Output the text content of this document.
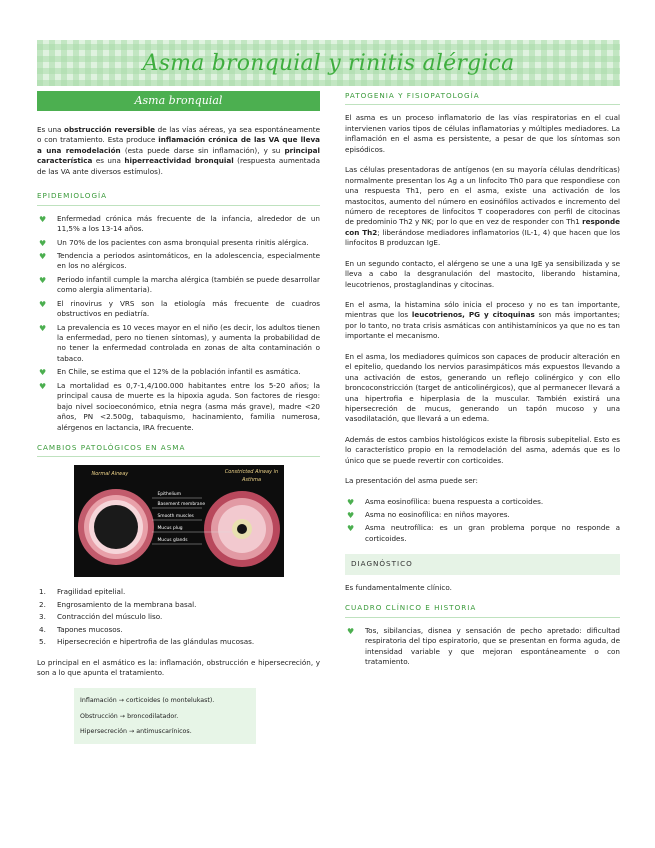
Asma bronquial y rinitis alérgica
Asma bronquial

Es una obstrucción reversible de las vías aéreas, ya sea espontáneamente o con tratamiento. Esta produce inflamación crónica de las VA que lleva a una remodelación (esta puede darse sin inflamación), y su principal característica es una hiperreactividad bronquial (respuesta aumentada de las VA ante diversos estímulos).

EPIDEMIOLOGÍA
♥ Enfermedad crónica más frecuente de la infancia, alrededor de un 11,5% a los 13-14 años.
♥ Un 70% de los pacientes con asma bronquial presenta rinitis alérgica.
♥ Tendencia a periodos asintomáticos, en la adolescencia, especialmente en los no alérgicos.
♥ Periodo infantil cumple la marcha alérgica (también se puede desarrollar como alergia alimentaria).
♥ El rinovirus y VRS son la etiología más frecuente de cuadros obstructivos en pediatría.
♥ La prevalencia es 10 veces mayor en el niño (es decir, los adultos tienen la enfermedad, pero no tienen síntomas), y aumenta la probabilidad de no tener la enfermedad controlada en zonas de alta contaminación o tabaco.
♥ En Chile, se estima que el 12% de la población infantil es asmática.
♥ La mortalidad es 0,7-1,4/100.000 habitantes entre los 5-20 años; la principal causa de muerte es la hipoxia aguda. Son factores de riesgo: bajo nivel socioeconómico, etnia negra (asma más grave), madre <20 años, PN <2.500g, tabaquismo, hacinamiento, familia numerosa, alérgenos en lactancia, IRA frecuente.
CAMBIOS PATOLÓGICOS EN ASMA
Normal Airway	Constricted Airway in Asthma
Epithelium
Basement membrane
Smooth muscles
Mucus plug
Mucus glands
1. Fragilidad epitelial.
2. Engrosamiento de la membrana basal.
3. Contracción del músculo liso.
4. Tapones mucosos.
5. Hipersecreción e hipertrofia de las glándulas mucosas.

Lo principal en el asmático es la: inflamación, obstrucción e hipersecreción, y son a lo que apunta el tratamiento.

Inflamación → corticoides (o montelukast).
Obstrucción → broncodilatador.
Hipersecreción → antimuscarínicos.
PATOGENIA Y FISIOPATOLOGÍA

El asma es un proceso inflamatorio de las vías respiratorias en el cual intervienen varios tipos de células inflamatorias y múltiples mediadores. La inflamación en el asma es persistente, a pesar de que los síntomas son episódicos.

Las células presentadoras de antígenos (en su mayoría células dendríticas) normalmente presentan los Ag a un linfocito Th0 para que respondiese con una respuesta Th1, pero en el asma, existe una activación de los mastocitos, aumento del número en eosinófilos activados e incremento del número de receptores de linfocitos T cooperadores con perfil de citocinas de predominio Th2 y NK; por lo que en vez de responder con Th1 responde con Th2; liberándose mediadores inflamatorios (IL-1, 4) que hacen que los linfocitos B produzcan IgE.

En un segundo contacto, el alérgeno se une a una IgE ya sensibilizada y se lleva a cabo la desgranulación del mastocito, liberando histamina, leucotrienos, prostaglandinas y citocinas.

En el asma, la histamina sólo inicia el proceso y no es tan importante, mientras que los leucotrienos, PG y citoquinas son más importantes; por lo tanto, no trata crisis asmáticas con antihistamínicos ya que no es tan importante el mecanismo.

En el asma, los mediadores químicos son capaces de producir alteración en el epitelio, quedando los nervios parasimpáticos más expuestos llevando a una activación de estos, generando un reflejo colinérgico y con ello broncoconstricción (target de anticolinérgicos), que al permanecer llevará a una hipertrofia e hiperplasia de la muscular. También existirá una hipersecreción de mucus, generando un tapón mucoso y una vasodilatación, que llevará a un edema.

Además de estos cambios histológicos existe la fibrosis subepitelial. Esto es lo característico propio en la remodelación del asma, además que es lo único que se puede revertir con corticoides.

La presentación del asma puede ser:

♥ Asma eosinofílica: buena respuesta a corticoides.
♥ Asma no eosinofílica: en niños mayores.
♥ Asma neutrofílica: es un gran problema porque no responde a corticoides.
DIAGNÓSTICO

Es fundamentalmente clínico.

CUADRO CLÍNICO E HISTORIA
♥ Tos, sibilancias, disnea y sensación de pecho apretado: dificultad respiratoria del tipo espiratorio, que se presentan en forma aguda, de intensidad variable y que mejoran espontáneamente o con tratamiento.
